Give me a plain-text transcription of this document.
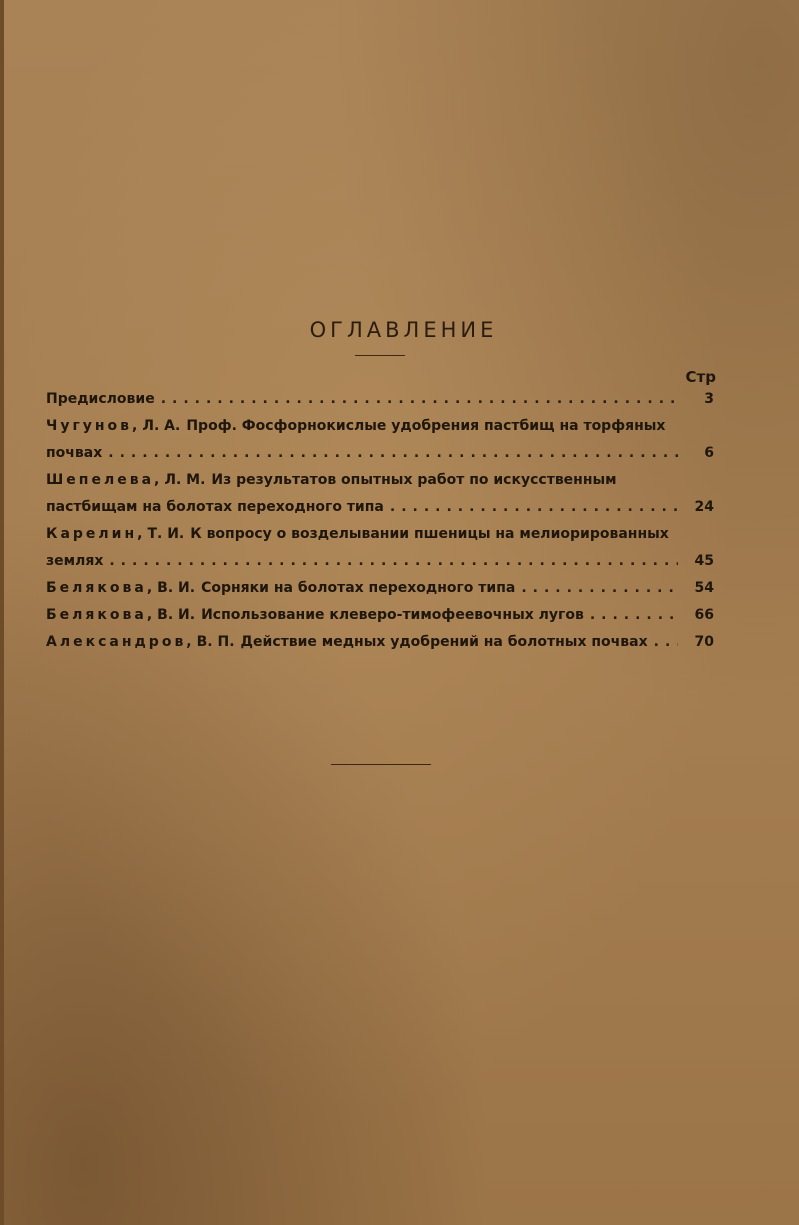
ОГЛАВЛЕНИЕ
Стр
Предисловие .....	3
Чугунов, Л. А. Проф. Фосфорнокислые удобрения пастбищ на торфяных
почвах .....	6
Шепелева, Л. М. Из результатов опытных работ по искусственным
пастбищам на болотах переходного типа .....	24
Карелин, Т. И. К вопросу о возделывании пшеницы на мелиорированных
землях .....	45
Белякова, В. И. Сорняки на болотах переходного типа .....	54
Белякова, В. И. Использование клеверо-тимофеевочных лугов .....	66
Александров, В. П. Действие медных удобрений на болотных почвах .....	70
